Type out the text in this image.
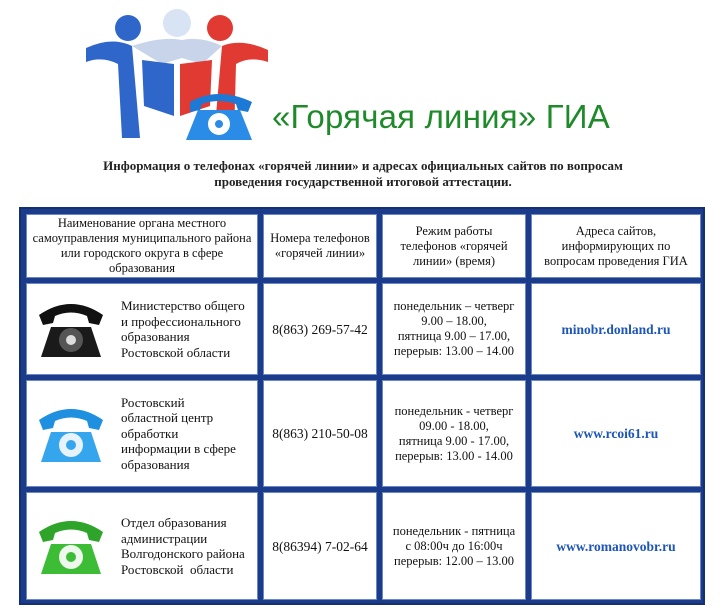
«Горячая линия» ГИА
Информация о телефонах «горячей линии» и адресах официальных сайтов по вопросам
проведения государственной итоговой аттестации.
Наименование органа местного самоуправления муниципального района или городского округа в сфере образования
Номера телефонов «горячей линии»
Режим работы телефонов «горячей линии» (время)
Адреса сайтов, информирующих по вопросам проведения ГИА
Министерство общего
и профессионального
образования
Ростовской области
8(863) 269-57-42
понедельник – четверг
9.00 – 18.00,
пятница 9.00 – 17.00,
перерыв: 13.00 – 14.00
minobr.donland.ru
Ростовский
областной центр
обработки
информации в сфере
образования
8(863) 210-50-08
понедельник - четверг
09.00 - 18.00,
пятница 9.00 - 17.00,
перерыв: 13.00 - 14.00
www.rcoi61.ru
Отдел образования
администрации
Волгодонского района
Ростовской  области
8(86394) 7-02-64
понедельник - пятница
с 08:00ч до 16:00ч
перерыв: 12.00 – 13.00
www.romanovobr.ru
